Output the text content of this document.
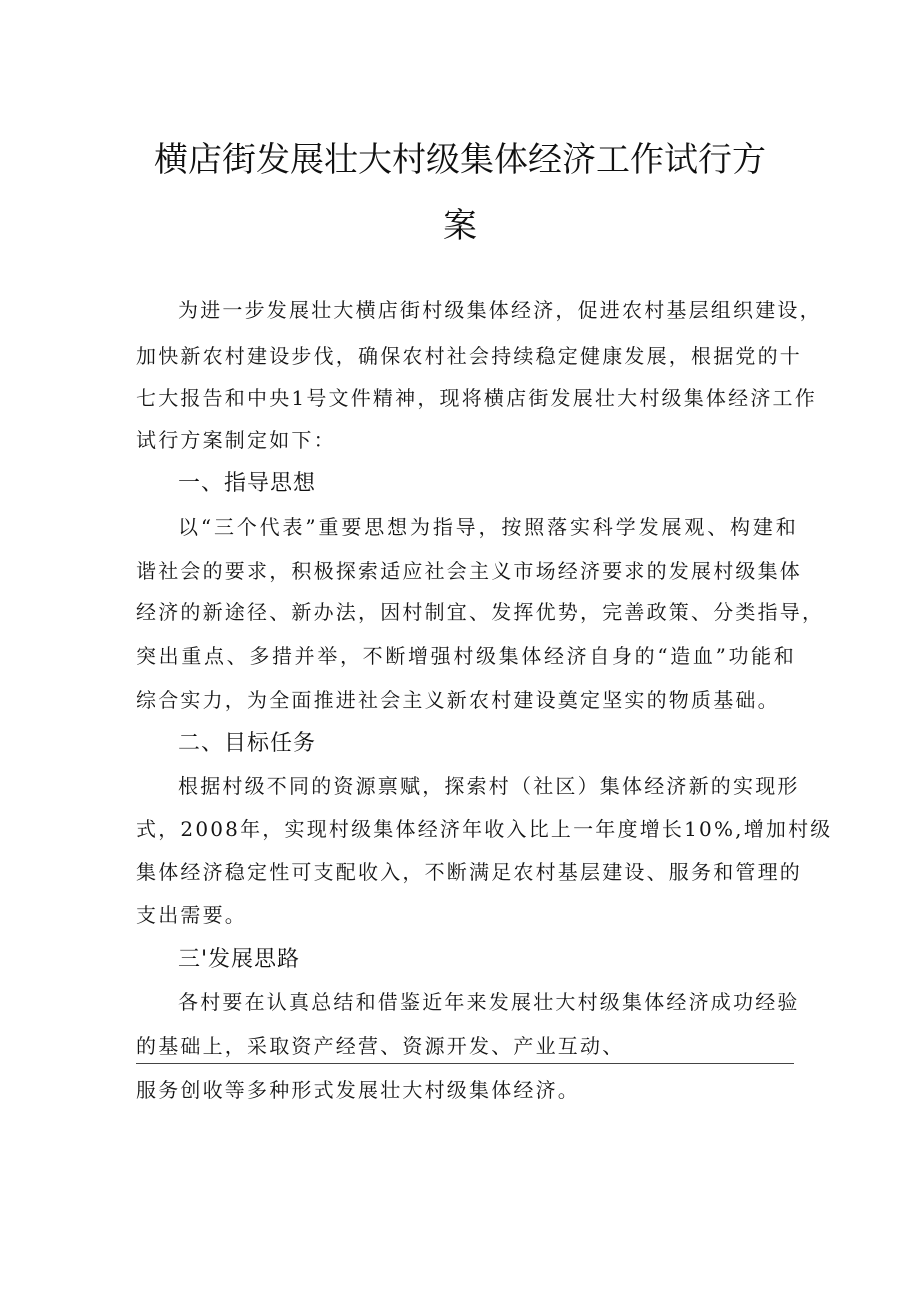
横店街发展壮大村级集体经济工作试行方
案
为进一步发展壮大横店街村级集体经济，促进农村基层组织建设，
加快新农村建设步伐，确保农村社会持续稳定健康发展，根据党的十
七大报告和中央1号文件精神，现将横店街发展壮大村级集体经济工作
试行方案制定如下：
一、指导思想
以“三个代表”重要思想为指导，按照落实科学发展观、构建和
谐社会的要求，积极探索适应社会主义市场经济要求的发展村级集体
经济的新途径、新办法，因村制宜、发挥优势，完善政策、分类指导，
突出重点、多措并举，不断增强村级集体经济自身的“造血”功能和
综合实力，为全面推进社会主义新农村建设奠定坚实的物质基础。
二、目标任务
根据村级不同的资源禀赋，探索村（社区）集体经济新的实现形
式，2008年，实现村级集体经济年收入比上一年度增长10%,增加村级
集体经济稳定性可支配收入，不断满足农村基层建设、服务和管理的
支出需要。
三'发展思路
各村要在认真总结和借鉴近年来发展壮大村级集体经济成功经验
的基础上，采取资产经营、资源开发、产业互动、
服务创收等多种形式发展壮大村级集体经济。
